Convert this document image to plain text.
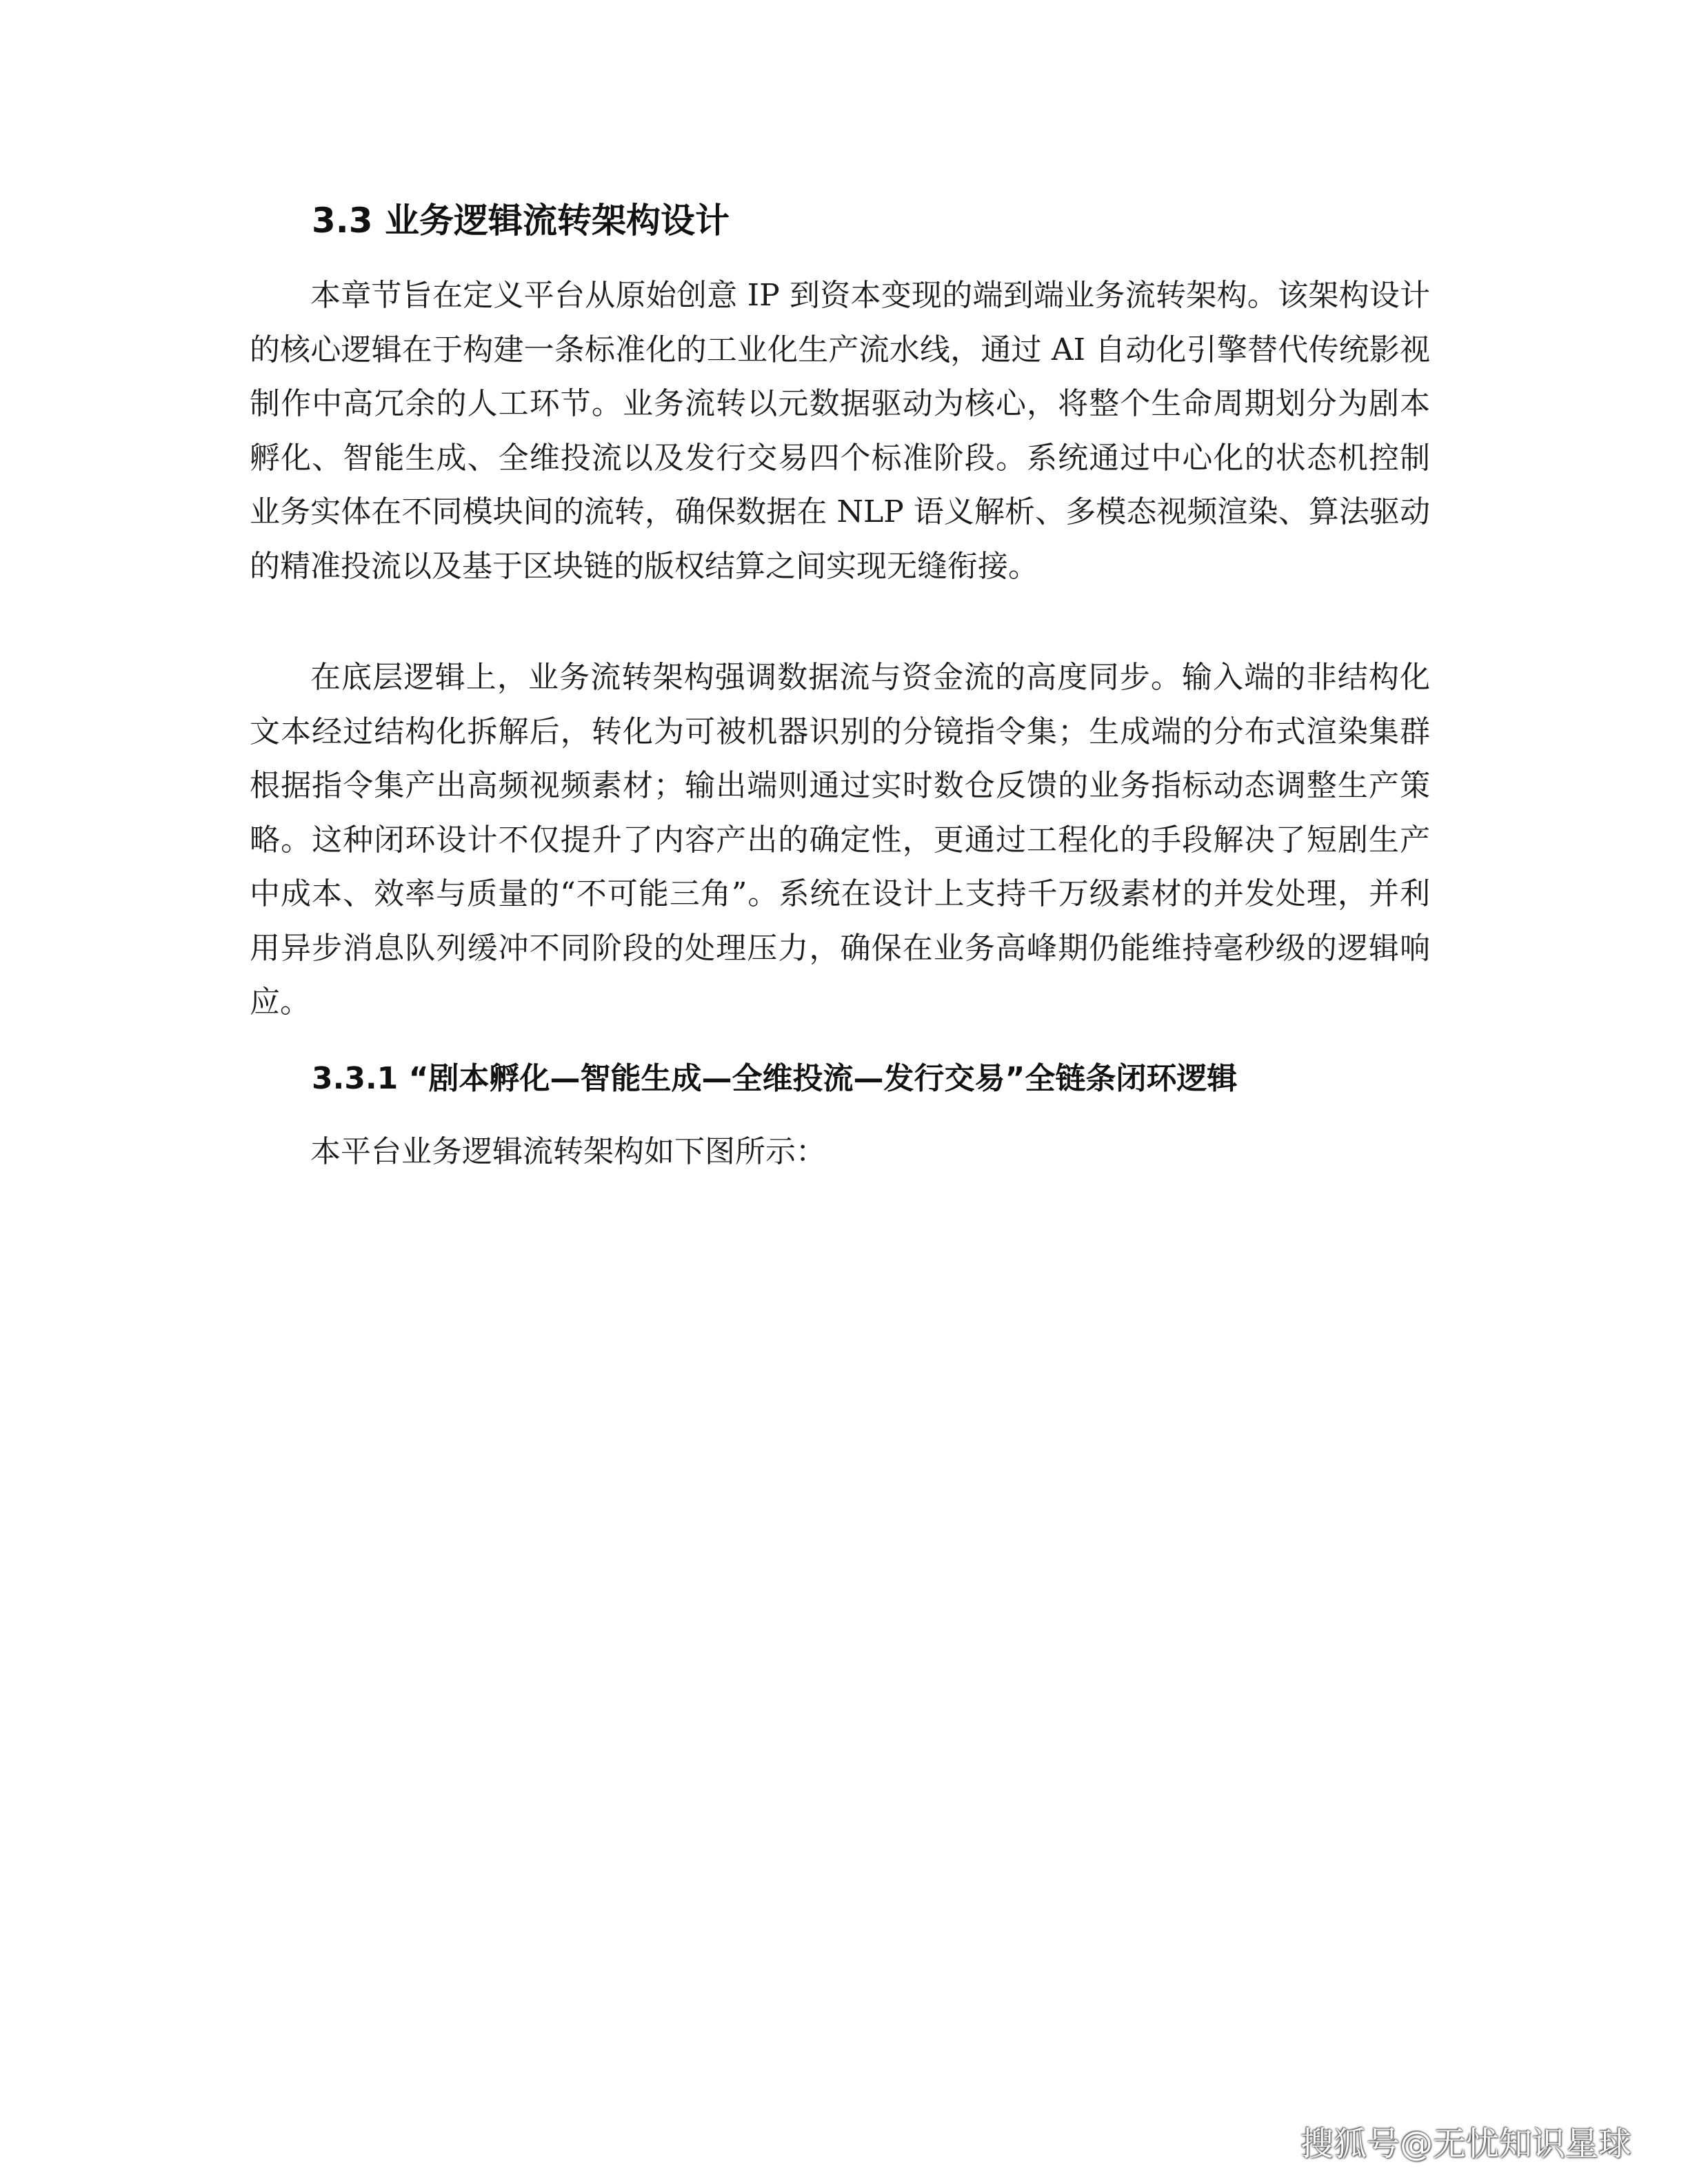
3.3 业务逻辑流转架构设计

本章节旨在定义平台从原始创意 IP 到资本变现的端到端业务流转架构。该架构设计的核心逻辑在于构建一条标准化的工业化生产流水线，通过 AI 自动化引擎替代传统影视制作中高冗余的人工环节。业务流转以元数据驱动为核心，将整个生命周期划分为剧本孵化、智能生成、全维投流以及发行交易四个标准阶段。系统通过中心化的状态机控制业务实体在不同模块间的流转，确保数据在 NLP 语义解析、多模态视频渲染、算法驱动的精准投流以及基于区块链的版权结算之间实现无缝衔接。

在底层逻辑上，业务流转架构强调数据流与资金流的高度同步。输入端的非结构化文本经过结构化拆解后，转化为可被机器识别的分镜指令集；生成端的分布式渲染集群根据指令集产出高频视频素材；输出端则通过实时数仓反馈的业务指标动态调整生产策略。这种闭环设计不仅提升了内容产出的确定性，更通过工程化的手段解决了短剧生产中成本、效率与质量的“不可能三角”。系统在设计上支持千万级素材的并发处理，并利用异步消息队列缓冲不同阶段的处理压力，确保在业务高峰期仍能维持毫秒级的逻辑响应。

3.3.1 “剧本孵化—智能生成—全维投流—发行交易”全链条闭环逻辑

本平台业务逻辑流转架构如下图所示：

搜狐号@无忧知识星球
